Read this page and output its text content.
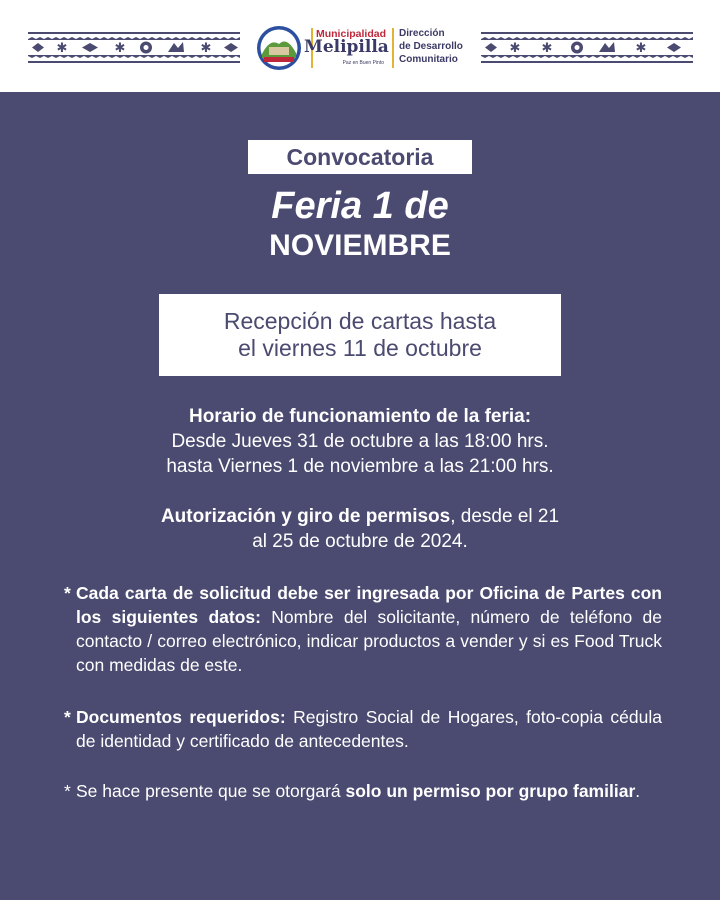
✱	✱	✱
Municipalidad
Melipilla
Paz en Buen Pinto
Dirección
de Desarrollo
Comunitario
✱ ✱	✱
Convocatoria
Feria 1 de
NOVIEMBRE
Recepción de cartas hasta
el viernes 11 de octubre
Horario de funcionamiento de la feria:
Desde Jueves 31 de octubre a las 18:00 hrs.
hasta Viernes 1 de noviembre a las 21:00 hrs.
Autorización y giro de permisos, desde el 21
al 25 de octubre de 2024.
* Cada carta de solicitud debe ser ingresada por Oficina de Partes con los siguientes datos: Nombre del solicitante, número de teléfono de contacto / correo electrónico, indicar productos a vender y si es Food Truck con medidas de este.
* Documentos requeridos: Registro Social de Hogares, foto-copia cédula de identidad y certificado de antecedentes.
* Se hace presente que se otorgará solo un permiso por grupo familiar.
